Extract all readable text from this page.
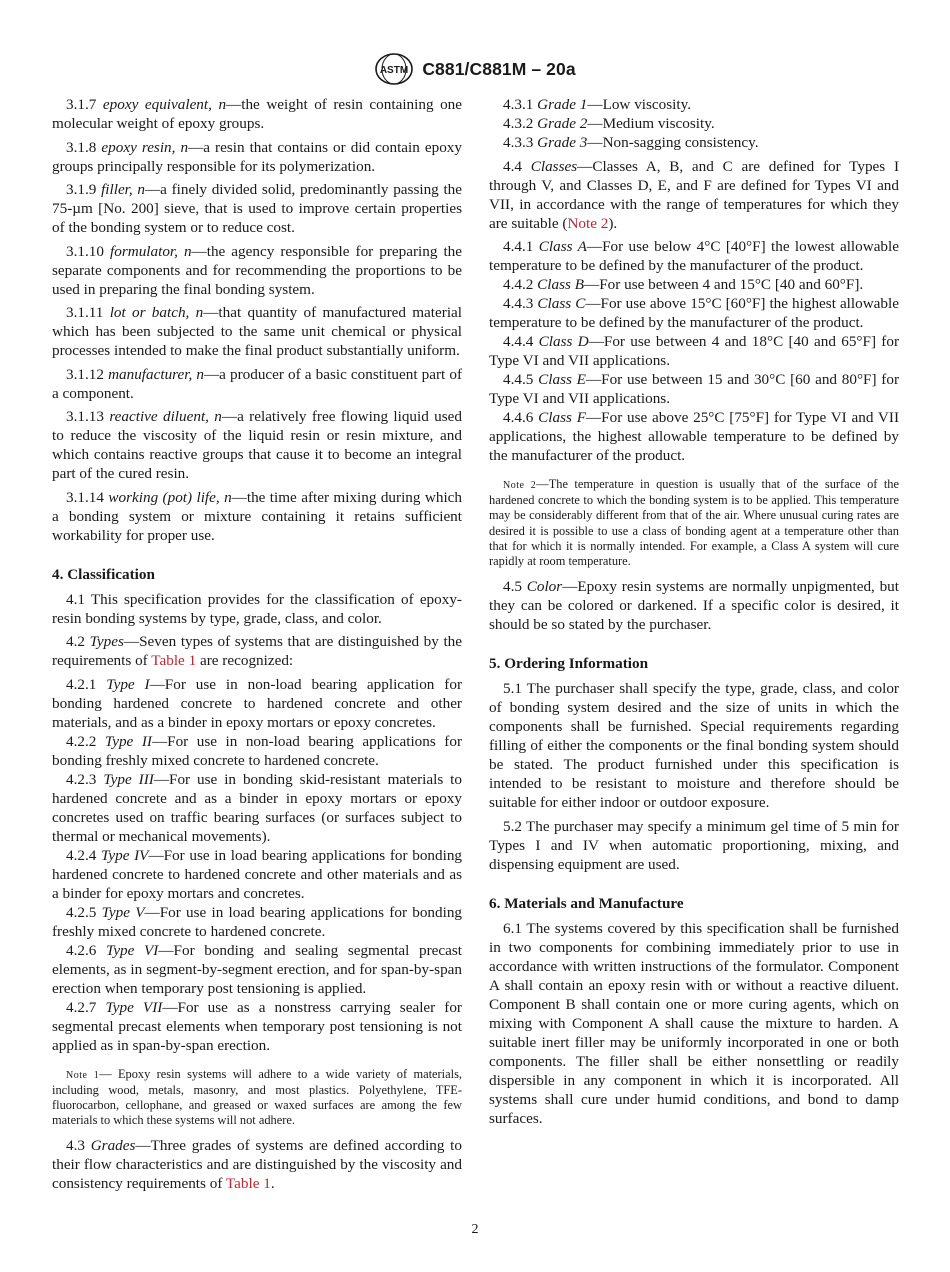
ASTM C881/C881M – 20a

3.1.7 epoxy equivalent, n—the weight of resin containing one molecular weight of epoxy groups.

3.1.8 epoxy resin, n—a resin that contains or did contain epoxy groups principally responsible for its polymerization.

3.1.9 filler, n—a finely divided solid, predominantly passing the 75-µm [No. 200] sieve, that is used to improve certain properties of the bonding system or to reduce cost.

3.1.10 formulator, n—the agency responsible for preparing the separate components and for recommending the proportions to be used in preparing the final bonding system.

3.1.11 lot or batch, n—that quantity of manufactured material which has been subjected to the same unit chemical or physical processes intended to make the final product substantially uniform.

3.1.12 manufacturer, n—a producer of a basic constituent part of a component.

3.1.13 reactive diluent, n—a relatively free flowing liquid used to reduce the viscosity of the liquid resin or resin mixture, and which contains reactive groups that cause it to become an integral part of the cured resin.

3.1.14 working (pot) life, n—the time after mixing during which a bonding system or mixture containing it retains sufficient workability for proper use.

4. Classification

4.1 This specification provides for the classification of epoxy-resin bonding systems by type, grade, class, and color.

4.2 Types—Seven types of systems that are distinguished by the requirements of Table 1 are recognized:

4.2.1 Type I—For use in non-load bearing application for bonding hardened concrete to hardened concrete and other materials, and as a binder in epoxy mortars or epoxy concretes.

4.2.2 Type II—For use in non-load bearing applications for bonding freshly mixed concrete to hardened concrete.

4.2.3 Type III—For use in bonding skid-resistant materials to hardened concrete and as a binder in epoxy mortars or epoxy concretes used on traffic bearing surfaces (or surfaces subject to thermal or mechanical movements).

4.2.4 Type IV—For use in load bearing applications for bonding hardened concrete to hardened concrete and other materials and as a binder for epoxy mortars and concretes.

4.2.5 Type V—For use in load bearing applications for bonding freshly mixed concrete to hardened concrete.

4.2.6 Type VI—For bonding and sealing segmental precast elements, as in segment-by-segment erection, and for span-by-span erection when temporary post tensioning is applied.

4.2.7 Type VII—For use as a nonstress carrying sealer for segmental precast elements when temporary post tensioning is not applied as in span-by-span erection.

Note 1— Epoxy resin systems will adhere to a wide variety of materials, including wood, metals, masonry, and most plastics. Polyethylene, TFE-fluorocarbon, cellophane, and greased or waxed surfaces are among the few materials to which these systems will not adhere.

4.3 Grades—Three grades of systems are defined according to their flow characteristics and are distinguished by the viscosity and consistency requirements of Table 1.

4.3.1 Grade 1—Low viscosity.

4.3.2 Grade 2—Medium viscosity.

4.3.3 Grade 3—Non-sagging consistency.

4.4 Classes—Classes A, B, and C are defined for Types I through V, and Classes D, E, and F are defined for Types VI and VII, in accordance with the range of temperatures for which they are suitable (Note 2).

4.4.1 Class A—For use below 4°C [40°F] the lowest allowable temperature to be defined by the manufacturer of the product.

4.4.2 Class B—For use between 4 and 15°C [40 and 60°F].

4.4.3 Class C—For use above 15°C [60°F] the highest allowable temperature to be defined by the manufacturer of the product.

4.4.4 Class D—For use between 4 and 18°C [40 and 65°F] for Type VI and VII applications.

4.4.5 Class E—For use between 15 and 30°C [60 and 80°F] for Type VI and VII applications.

4.4.6 Class F—For use above 25°C [75°F] for Type VI and VII applications, the highest allowable temperature to be defined by the manufacturer of the product.

Note 2—The temperature in question is usually that of the surface of the hardened concrete to which the bonding system is to be applied. This temperature may be considerably different from that of the air. Where unusual curing rates are desired it is possible to use a class of bonding agent at a temperature other than that for which it is normally intended. For example, a Class A system will cure rapidly at room temperature.

4.5 Color—Epoxy resin systems are normally unpigmented, but they can be colored or darkened. If a specific color is desired, it should be so stated by the purchaser.

5. Ordering Information

5.1 The purchaser shall specify the type, grade, class, and color of bonding system desired and the size of units in which the components shall be furnished. Special requirements regarding filling of either the components or the final bonding system should be stated. The product furnished under this specification is intended to be resistant to moisture and therefore should be suitable for either indoor or outdoor exposure.

5.2 The purchaser may specify a minimum gel time of 5 min for Types I and IV when automatic proportioning, mixing, and dispensing equipment are used.

6. Materials and Manufacture

6.1 The systems covered by this specification shall be furnished in two components for combining immediately prior to use in accordance with written instructions of the formulator. Component A shall contain an epoxy resin with or without a reactive diluent. Component B shall contain one or more curing agents, which on mixing with Component A shall cause the mixture to harden. A suitable inert filler may be uniformly incorporated in one or both components. The filler shall be either nonsettling or readily dispersible in any component in which it is incorporated. All systems shall cure under humid conditions, and bond to damp surfaces.

2
